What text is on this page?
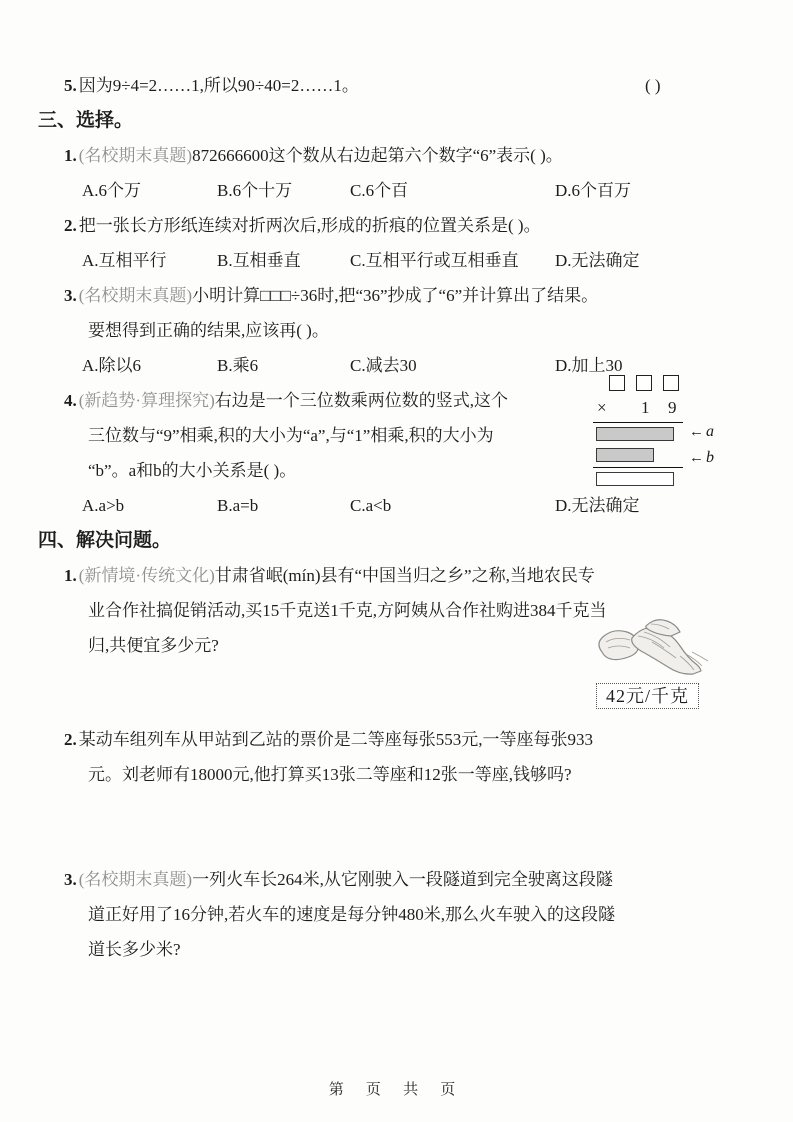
5. 因为9÷4=2……1,所以90÷40=2……1。	( )
三、选择。
1. (名校期末真题)872666600这个数从右边起第六个数字“6”表示( )。
A.6个万	B.6个十万	C.6个百	D.6个百万
2. 把一张长方形纸连续对折两次后,形成的折痕的位置关系是( )。
A.互相平行	B.互相垂直	C.互相平行或互相垂直 D.无法确定
3. (名校期末真题)小明计算□□□÷36时,把“36”抄成了“6”并计算出了结果。
要想得到正确的结果,应该再( )。
A.除以6	B.乘6	C.减去30	D.加上30
4. (新趋势·算理探究)右边是一个三位数乘两位数的竖式,这个
三位数与“9”相乘,积的大小为“a”,与“1”相乘,积的大小为
“b”。a和b的大小关系是( )。
A.a>b	B.a=b	C.a<b	D.无法确定
× 1 9
← a
← b
四、解决问题。
1. (新情境·传统文化)甘肃省岷(mín)县有“中国当归之乡”之称,当地农民专
业合作社搞促销活动,买15千克送1千克,方阿姨从合作社购进384千克当
归,共便宜多少元?
42元/千克
2. 某动车组列车从甲站到乙站的票价是二等座每张553元,一等座每张933
元。刘老师有18000元,他打算买13张二等座和12张一等座,钱够吗?
3. (名校期末真题)一列火车长264米,从它刚驶入一段隧道到完全驶离这段隧
道正好用了16分钟,若火车的速度是每分钟480米,那么火车驶入的这段隧
道长多少米?
第 页 共 页
